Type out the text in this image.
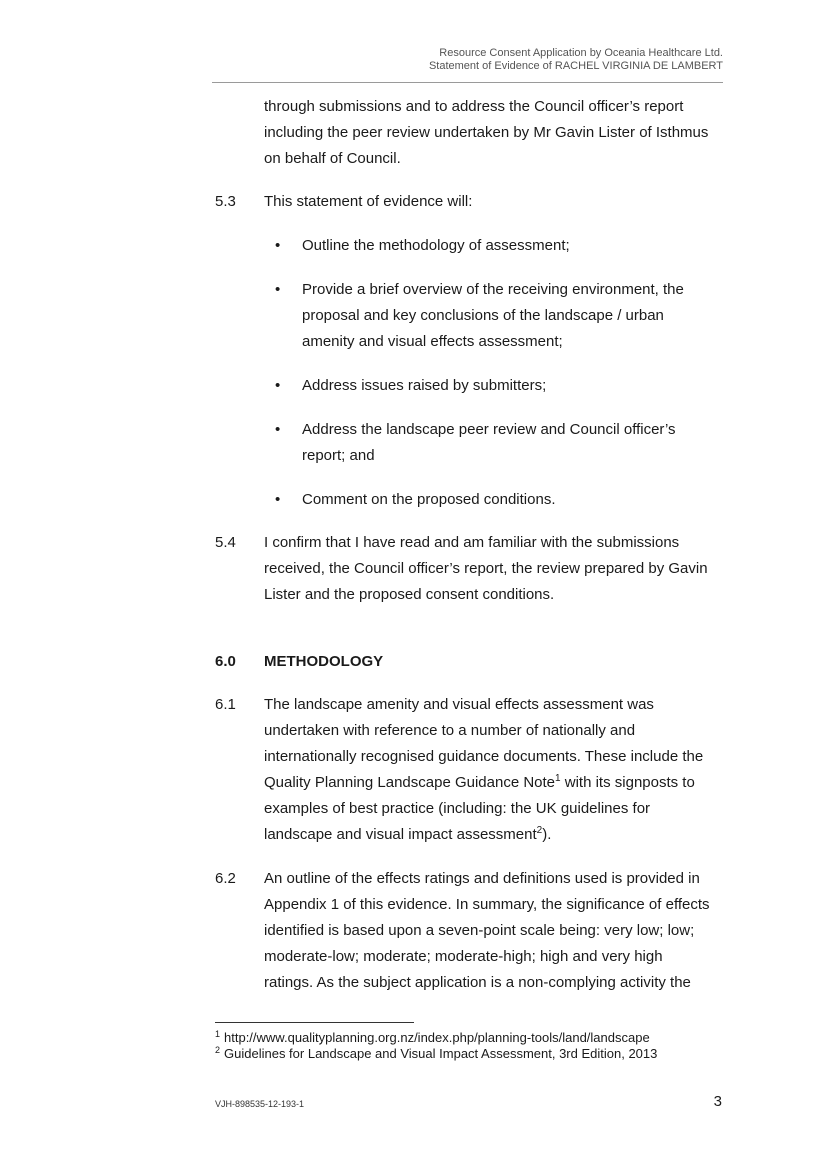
Resource Consent Application by Oceania Healthcare Ltd.
Statement of Evidence of RACHEL VIRGINIA DE LAMBERT
through submissions and to address the Council officer’s report
including the peer review undertaken by Mr Gavin Lister of Isthmus
on behalf of Council.
5.3 This statement of evidence will:
• Outline the methodology of assessment;
• Provide a brief overview of the receiving environment, the
proposal and key conclusions of the landscape / urban
amenity and visual effects assessment;
• Address issues raised by submitters;
• Address the landscape peer review and Council officer’s
report; and
• Comment on the proposed conditions.
5.4 I confirm that I have read and am familiar with the submissions
received, the Council officer’s report, the review prepared by Gavin
Lister and the proposed consent conditions.
6.0 METHODOLOGY
6.1 The landscape amenity and visual effects assessment was
undertaken with reference to a number of nationally and
internationally recognised guidance documents. These include the
Quality Planning Landscape Guidance Note$^1$ with its signposts to
examples of best practice (including: the UK guidelines for
landscape and visual impact assessment$^2$).
6.2 An outline of the effects ratings and definitions used is provided in
Appendix 1 of this evidence. In summary, the significance of effects
identified is based upon a seven-point scale being: very low; low;
moderate-low; moderate; moderate-high; high and very high
ratings. As the subject application is a non-complying activity the
$^1$ http://www.qualityplanning.org.nz/index.php/planning-tools/land/landscape
$^2$ Guidelines for Landscape and Visual Impact Assessment, 3rd Edition, 2013
VJH-898535-12-193-1	3
